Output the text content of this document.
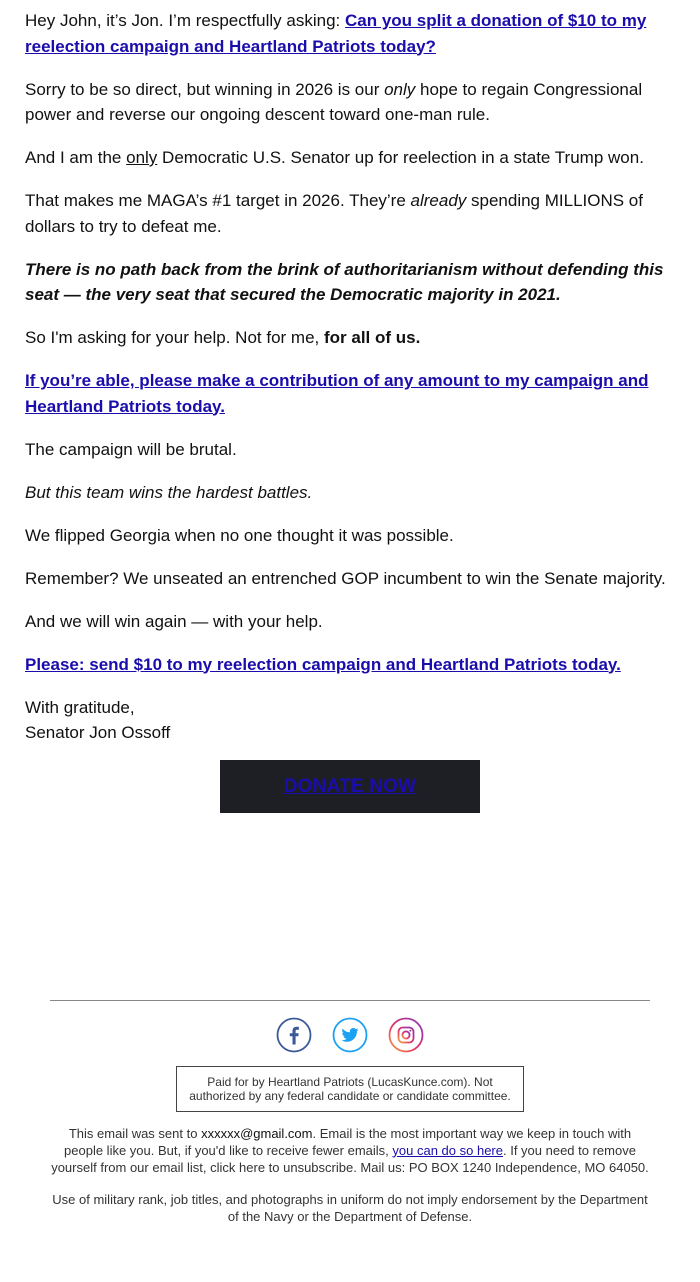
Hey John, it’s Jon. I’m respectfully asking: Can you split a donation of $10 to my reelection campaign and Heartland Patriots today?

Sorry to be so direct, but winning in 2026 is our only hope to regain Congressional power and reverse our ongoing descent toward one-man rule.

And I am the only Democratic U.S. Senator up for reelection in a state Trump won.

That makes me MAGA’s #1 target in 2026. They’re already spending MILLIONS of dollars to try to defeat me.

There is no path back from the brink of authoritarianism without defending this seat — the very seat that secured the Democratic majority in 2021.

So I'm asking for your help. Not for me, for all of us.

If you’re able, please make a contribution of any amount to my campaign and Heartland Patriots today.

The campaign will be brutal.

But this team wins the hardest battles.

We flipped Georgia when no one thought it was possible.

Remember? We unseated an entrenched GOP incumbent to win the Senate majority.

And we will win again — with your help.

Please: send $10 to my reelection campaign and Heartland Patriots today.

With gratitude,
Senator Jon Ossoff

DONATE NOW
Paid for by Heartland Patriots (LucasKunce.com). Not authorized by any federal candidate or candidate committee.

This email was sent to xxxxxx@gmail.com. Email is the most important way we keep in touch with people like you. But, if you'd like to receive fewer emails, you can do so here. If you need to remove yourself from our email list, click here to unsubscribe. Mail us: PO BOX 1240 Independence, MO 64050.

Use of military rank, job titles, and photographs in uniform do not imply endorsement by the Department of the Navy or the Department of Defense.
